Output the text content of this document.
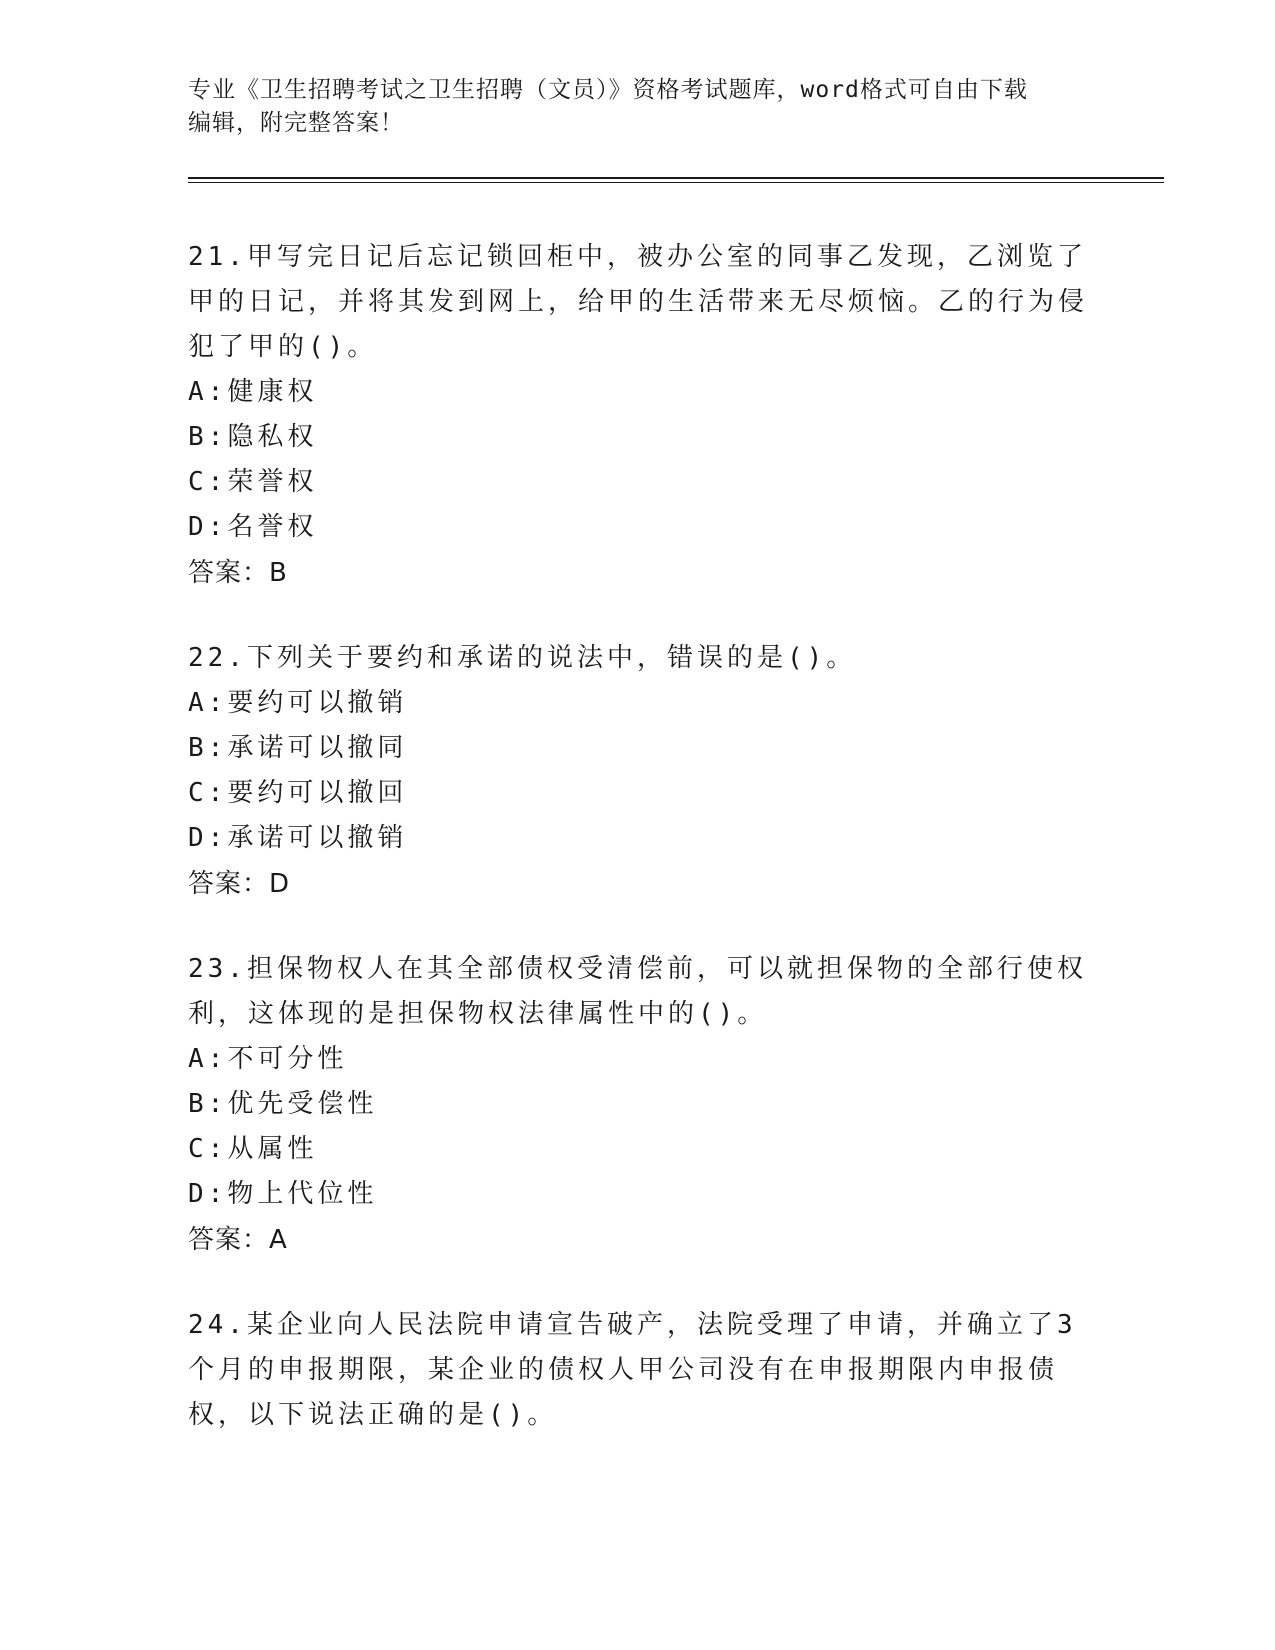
专业《卫生招聘考试之卫生招聘（文员）》资格考试题库，word格式可自由下载
编辑，附完整答案！

21.甲写完日记后忘记锁回柜中，被办公室的同事乙发现，乙浏览了甲的日记，并将其发到网上，给甲的生活带来无尽烦恼。乙的行为侵犯了甲的()。

A: 健康权
B: 隐私权
C: 荣誉权
D: 名誉权
答案：B

22.下列关于要约和承诺的说法中，错误的是()。

A: 要约可以撤销
B: 承诺可以撤同
C: 要约可以撤回
D: 承诺可以撤销
答案：D

23.担保物权人在其全部债权受清偿前，可以就担保物的全部行使权利，这体现的是担保物权法律属性中的()。

A: 不可分性
B: 优先受偿性
C: 从属性
D: 物上代位性
答案：A

24.某企业向人民法院申请宣告破产，法院受理了申请，并确立了3个月的申报期限，某企业的债权人甲公司没有在申报期限内申报债权，以下说法正确的是()。
